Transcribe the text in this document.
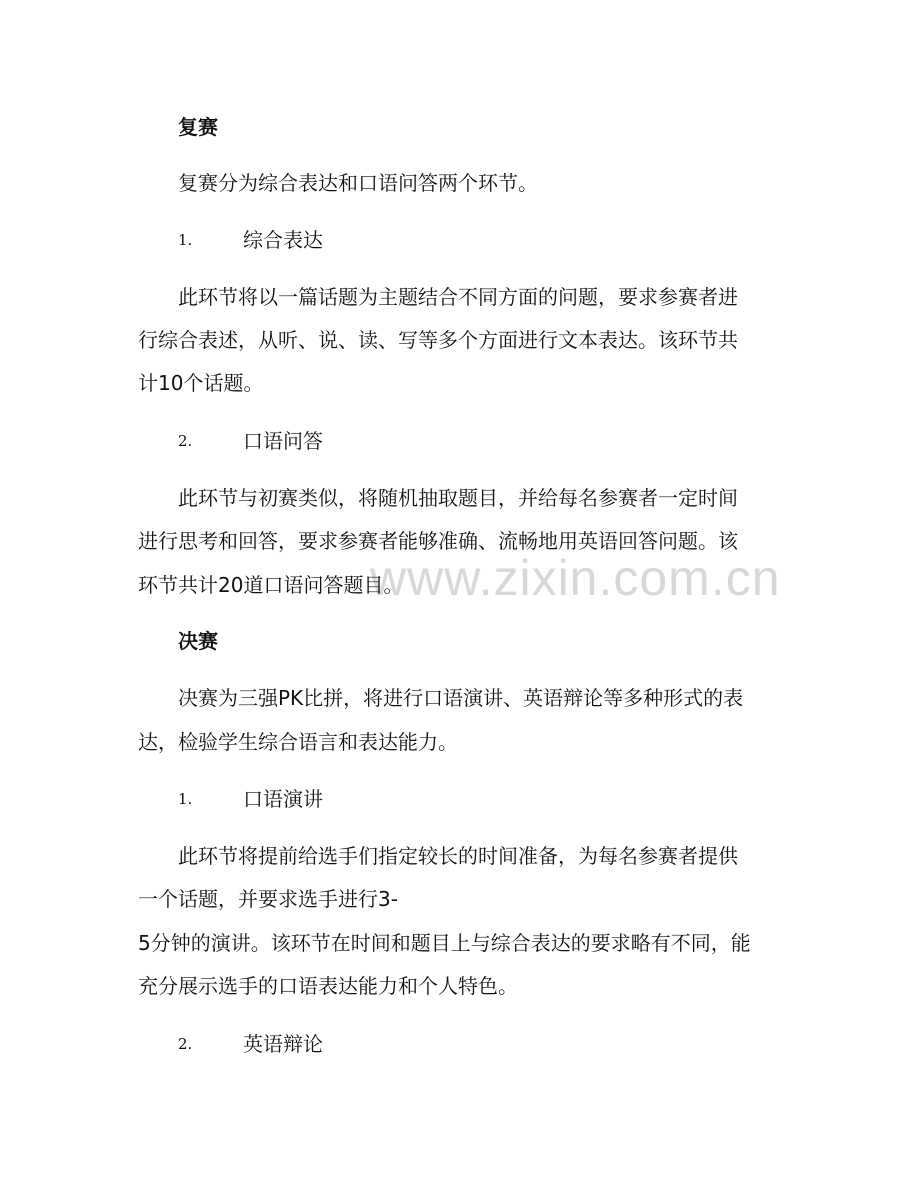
www.zixin.com.cn

复赛

复赛分为综合表达和口语问答两个环节。

1.	综合表达

此环节将以一篇话题为主题结合不同方面的问题，要求参赛者进

行综合表述，从听、说、读、写等多个方面进行文本表达。该环节共

计10个话题。

2.	口语问答

此环节与初赛类似，将随机抽取题目，并给每名参赛者一定时间

进行思考和回答，要求参赛者能够准确、流畅地用英语回答问题。该

环节共计20道口语问答题目。

决赛

决赛为三强PK比拼，将进行口语演讲、英语辩论等多种形式的表

达，检验学生综合语言和表达能力。

1.	口语演讲

此环节将提前给选手们指定较长的时间准备，为每名参赛者提供

一个话题，并要求选手进行3-

5分钟的演讲。该环节在时间和题目上与综合表达的要求略有不同，能

充分展示选手的口语表达能力和个人特色。

2.	英语辩论
